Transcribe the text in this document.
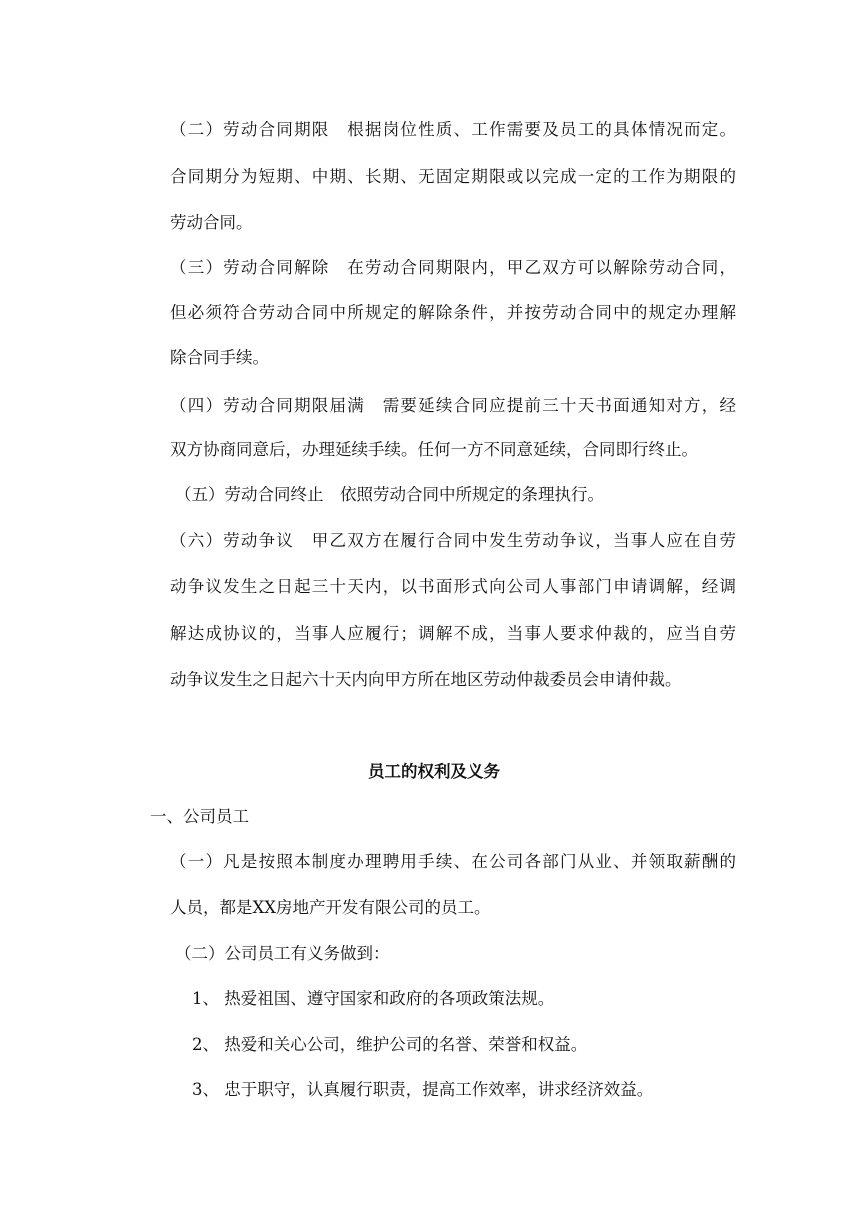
（二）劳动合同期限　根据岗位性质、工作需要及员工的具体情况而定。
合同期分为短期、中期、长期、无固定期限或以完成一定的工作为期限的
劳动合同。
（三）劳动合同解除　在劳动合同期限内，甲乙双方可以解除劳动合同，
但必须符合劳动合同中所规定的解除条件，并按劳动合同中的规定办理解
除合同手续。
（四）劳动合同期限届满　需要延续合同应提前三十天书面通知对方，经
双方协商同意后，办理延续手续。任何一方不同意延续，合同即行终止。
（五）劳动合同终止　依照劳动合同中所规定的条理执行。
（六）劳动争议　甲乙双方在履行合同中发生劳动争议，当事人应在自劳
动争议发生之日起三十天内，以书面形式向公司人事部门申请调解，经调
解达成协议的，当事人应履行；调解不成，当事人要求仲裁的，应当自劳
动争议发生之日起六十天内向甲方所在地区劳动仲裁委员会申请仲裁。
员工的权利及义务
一、公司员工
（一）凡是按照本制度办理聘用手续、在公司各部门从业、并领取薪酬的
人员，都是XX房地产开发有限公司的员工。
（二）公司员工有义务做到：
1、 热爱祖国、遵守国家和政府的各项政策法规。
2、 热爱和关心公司，维护公司的名誉、荣誉和权益。
3、 忠于职守，认真履行职责，提高工作效率，讲求经济效益。
